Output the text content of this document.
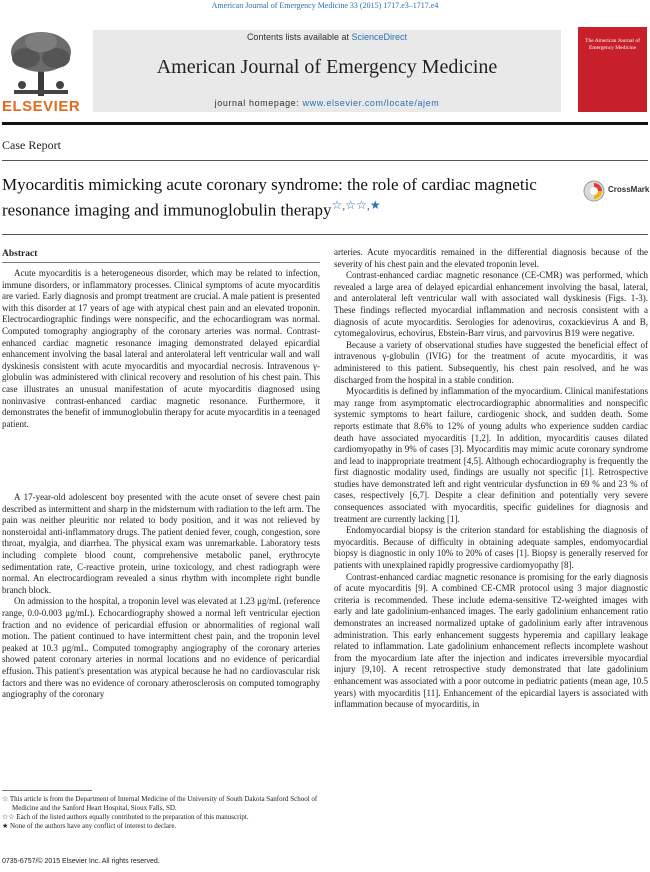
American Journal of Emergency Medicine 33 (2015) 1717.e3–1717.e4
ELSEVIER
Contents lists available at ScienceDirect
American Journal of Emergency Medicine
journal homepage: www.elsevier.com/locate/ajem
The American Journal of Emergency Medicine
Case Report
Myocarditis mimicking acute coronary syndrome: the role of cardiac magnetic resonance imaging and immunoglobulin therapy☆,☆☆,★
CrossMark
Abstract

Acute myocarditis is a heterogeneous disorder, which may be related to infection, immune disorders, or inflammatory processes. Clinical symptoms of acute myocarditis are varied. Early diagnosis and prompt treatment are crucial. A male patient is presented with this disorder at 17 years of age with atypical chest pain and an elevated troponin. Electrocardiographic findings were nonspecific, and the echocardiogram was normal. Computed tomography angiography of the coronary arteries was normal. Contrast-enhanced cardiac magnetic resonance imaging demonstrated delayed epicardial enhancement involving the basal lateral and anterolateral left ventricular wall and wall dyskinesis consistent with acute myocarditis and myocardial necrosis. Intravenous γ-globulin was administered with clinical recovery and resolution of his chest pain. This case illustrates an unusual manifestation of acute myocarditis diagnosed using noninvasive contrast-enhanced cardiac magnetic resonance. Furthermore, it demonstrates the benefit of immunoglobulin therapy for acute myocarditis in a teenaged patient.

A 17-year-old adolescent boy presented with the acute onset of severe chest pain described as intermittent and sharp in the midsternum with radiation to the left arm. The pain was neither pleuritic nor related to body position, and it was not relieved by nonsteroidal anti-inflammatory drugs. The patient denied fever, cough, congestion, sore throat, myalgia, and diarrhea. The physical exam was unremarkable. Laboratory tests including complete blood count, comprehensive metabolic panel, erythrocyte sedimentation rate, C-reactive protein, urine toxicology, and chest radiograph were normal. An electrocardiogram revealed a sinus rhythm with incomplete right bundle branch block.

On admission to the hospital, a troponin level was elevated at 1.23 μg/mL (reference range, 0.0-0.003 μg/mL). Echocardiography showed a normal left ventricular ejection fraction and no evidence of pericardial effusion or abnormalities of regional wall motion. The patient continued to have intermittent chest pain, and the troponin level peaked at 10.3 μg/mL. Computed tomography angiography of the coronary arteries showed patent coronary arteries in normal locations and no evidence of pericardial effusion. This patient's presentation was atypical because he had no cardiovascular risk factors and there was no evidence of coronary atherosclerosis on computed tomography angiography of the coronary

arteries. Acute myocarditis remained in the differential diagnosis because of the severity of his chest pain and the elevated troponin level.

Contrast-enhanced cardiac magnetic resonance (CE-CMR) was performed, which revealed a large area of delayed epicardial enhancement involving the basal, lateral, and anterolateral left ventricular wall with associated wall dyskinesis (Figs. 1-3). These findings reflected myocardial inflammation and necrosis consistent with a diagnosis of acute myocarditis. Serologies for adenovirus, coxackievirus A and B, cytomegalovirus, echovirus, Ebstein-Barr virus, and parvovirus B19 were negative.

Because a variety of observational studies have suggested the beneficial effect of intravenous γ-globulin (IVIG) for the treatment of acute myocarditis, it was administered to this patient. Subsequently, his chest pain resolved, and he was discharged from the hospital in a stable condition.

Myocarditis is defined by inflammation of the myocardium. Clinical manifestations may range from asymptomatic electrocardiographic abnormalities and nonspecific systemic symptoms to heart failure, cardiogenic shock, and sudden death. Some reports estimate that 8.6% to 12% of young adults who experience sudden cardiac death have associated myocarditis [1,2]. In addition, myocarditis causes dilated cardiomyopathy in 9% of cases [3]. Myocarditis may mimic acute coronary syndrome and lead to inappropriate treatment [4,5]. Although echocardiography is frequently the first diagnostic modality used, findings are usually not specific [1]. Retrospective studies have demonstrated left and right ventricular dysfunction in 69 % and 23 % of cases, respectively [6,7]. Despite a clear definition and potentially very severe consequences associated with myocarditis, specific guidelines for diagnosis and treatment are currently lacking [1].

Endomyocardial biopsy is the criterion standard for establishing the diagnosis of myocarditis. Because of difficulty in obtaining adequate samples, endomyocardial biopsy is diagnostic in only 10% to 20% of cases [1]. Biopsy is generally reserved for patients with unexplained rapidly progressive cardiomyopathy [8].

Contrast-enhanced cardiac magnetic resonance is promising for the early diagnosis of acute myocarditis [9]. A combined CE-CMR protocol using 3 major diagnostic criteria is recommended. These include edema-sensitive T2-weighted images with early and late gadolinium-enhanced images. The early gadolinium enhancement ratio demonstrates an increased normalized uptake of gadolinium early after intravenous administration. This early enhancement suggests hyperemia and capillary leakage related to inflammation. Late gadolinium enhancement reflects incomplete washout from the myocardium late after the injection and indicates irreversible myocardial injury [9,10]. A recent retrospective study demonstrated that late gadolinium enhancement was associated with a poor outcome in pediatric patients (mean age, 10.5 years) with myocarditis [11]. Enhancement of the epicardial layers is associated with inflammation because of myocarditis, in

☆ This article is from the Department of Internal Medicine of the University of South Dakota Sanford School of Medicine and the Sanford Heart Hospital, Sioux Falls, SD.
☆☆ Each of the listed authors equally contributed to the preparation of this manuscript.
★ None of the authors have any conflict of interest to declare.
0735-6757/© 2015 Elsevier Inc. All rights reserved.
